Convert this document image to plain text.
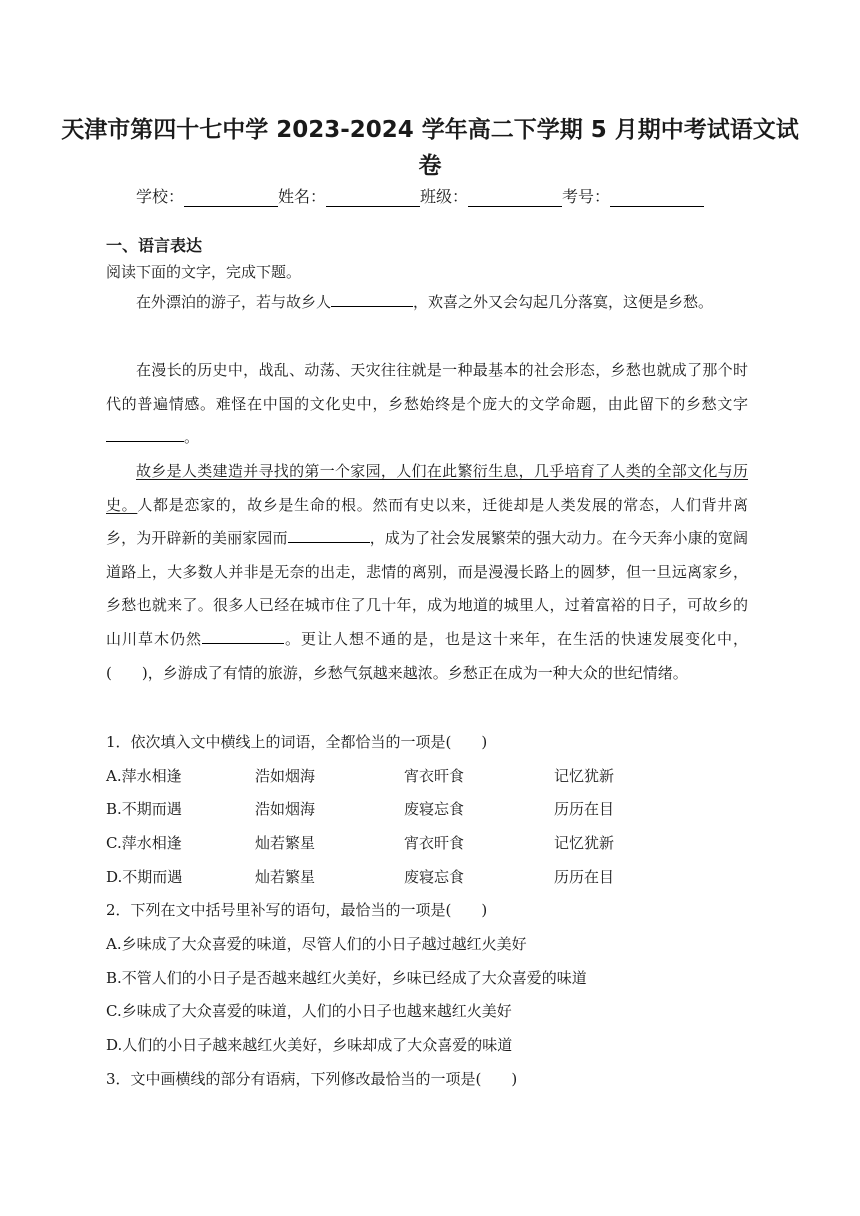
天津市第四十七中学 2023-2024 学年高二下学期 5 月期中考试语文试
卷
学校：	姓名：	班级：	考号：
一、语言表达
阅读下面的文字，完成下题。
在外漂泊的游子，若与故乡人	，欢喜之外又会勾起几分落寞，这便是乡愁。
在漫长的历史中，战乱、动荡、天灾往往就是一种最基本的社会形态，乡愁也就成了那个时代的普遍情感。难怪在中国的文化史中，乡愁始终是个庞大的文学命题，由此留下的乡愁文字。
故乡是人类建造并寻找的第一个家园，人们在此繁衍生息，几乎培育了人类的全部文化与历史。人都是恋家的，故乡是生命的根。然而有史以来，迁徙却是人类发展的常态，人们背井离乡，为开辟新的美丽家园而	，成为了社会发展繁荣的强大动力。在今天奔小康的宽阔道路上，大多数人并非是无奈的出走，悲情的离别，而是漫漫长路上的圆梦，但一旦远离家乡，乡愁也就来了。很多人已经在城市住了几十年，成为地道的城里人，过着富裕的日子，可故乡的山川草木仍然	。更让人想不通的是，也是这十来年，在生活的快速发展变化中，(　　)，乡游成了有情的旅游，乡愁气氛越来越浓。乡愁正在成为一种大众的世纪情绪。
1．依次填入文中横线上的词语，全都恰当的一项是(　　)
A.萍水相逢	浩如烟海	宵衣旰食	记忆犹新
B.不期而遇	浩如烟海	废寝忘食	历历在目
C.萍水相逢	灿若繁星	宵衣旰食	记忆犹新
D.不期而遇	灿若繁星	废寝忘食	历历在目
2．下列在文中括号里补写的语句，最恰当的一项是(　　)
A.乡味成了大众喜爱的味道，尽管人们的小日子越过越红火美好
B.不管人们的小日子是否越来越红火美好，乡味已经成了大众喜爱的味道
C.乡味成了大众喜爱的味道，人们的小日子也越来越红火美好
D.人们的小日子越来越红火美好，乡味却成了大众喜爱的味道
3．文中画横线的部分有语病，下列修改最恰当的一项是(　　)
